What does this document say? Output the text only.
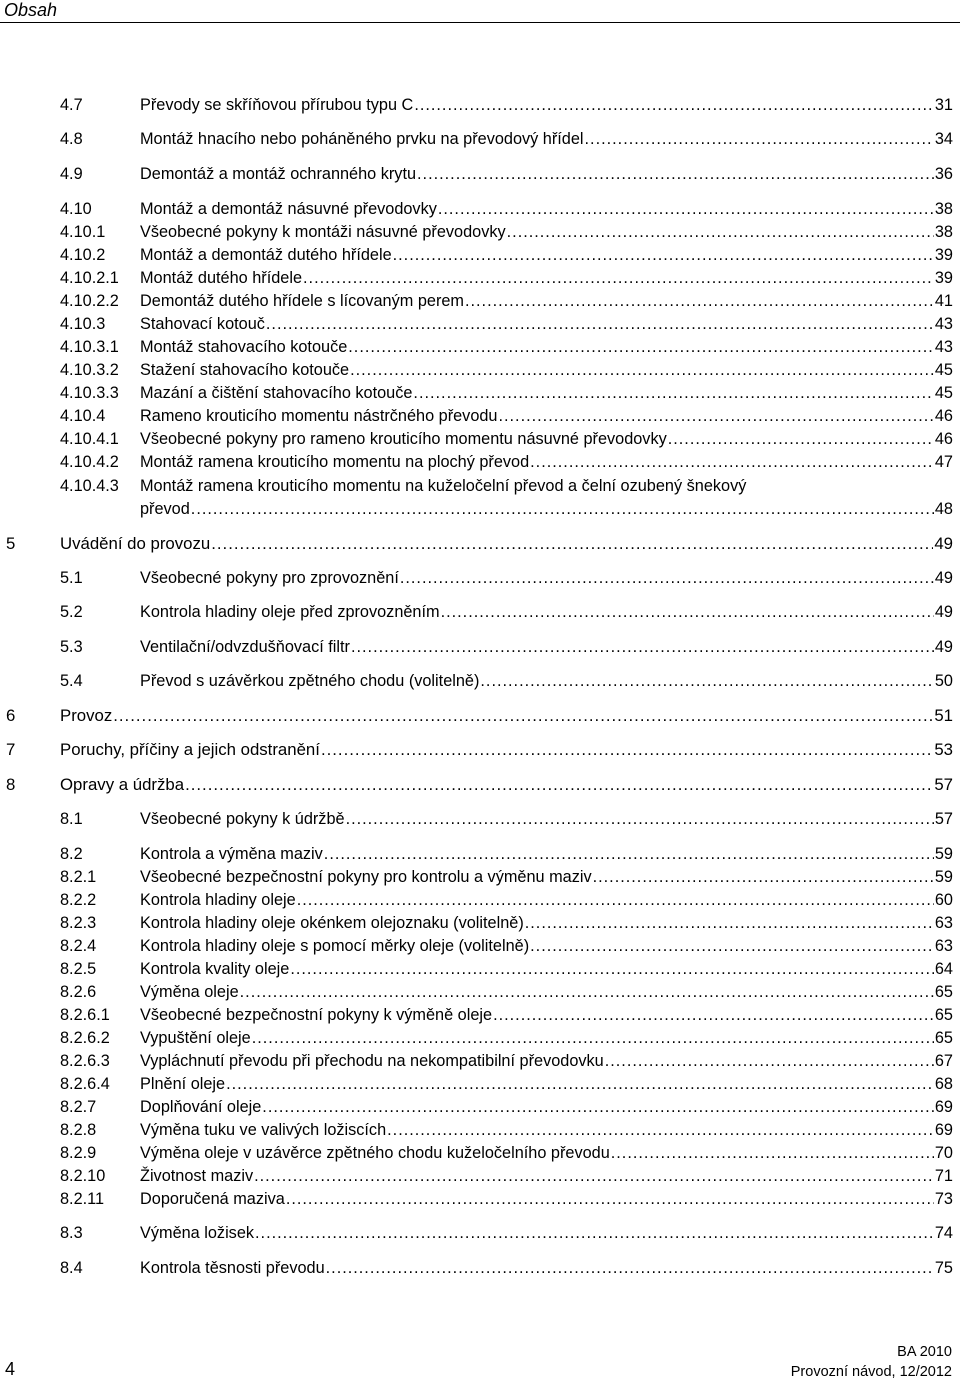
Obsah
4.7	Převody se skříňovou přírubou typu C .....	31
4.8	Montáž hnacího nebo poháněného prvku na převodový hřídel .....	34
4.9	Demontáž a montáž ochranného krytu .....	36
4.10	Montáž a demontáž násuvné převodovky .....	38
4.10.1 Všeobecné pokyny k montáži násuvné převodovky .....	38
4.10.2 Montáž a demontáž dutého hřídele .....	39
4.10.2.1 Montáž dutého hřídele .....	39
4.10.2.2 Demontáž dutého hřídele s lícovaným perem .....	41
4.10.3 Stahovací kotouč .....	43
4.10.3.1 Montáž stahovacího kotouče .....	43
4.10.3.2 Stažení stahovacího kotouče .....	45
4.10.3.3 Mazání a čištění stahovacího kotouče .....	45
4.10.4 Rameno krouticího momentu nástrčného převodu .....	46
4.10.4.1 Všeobecné pokyny pro rameno krouticího momentu násuvné převodovky .....	46
4.10.4.2 Montáž ramena krouticího momentu na plochý převod .....	47
4.10.4.3 Montáž ramena krouticího momentu na kuželočelní převod a čelní ozubený šnekový
převod .....	48
5	Uvádění do provozu .....	49
5.1	Všeobecné pokyny pro zprovoznění .....	49
5.2	Kontrola hladiny oleje před zprovozněním .....	49
5.3	Ventilační/odvzdušňovací filtr .....	49
5.4	Převod s uzávěrkou zpětného chodu (volitelně) .....	50
6	Provoz .....	51
7	Poruchy, příčiny a jejich odstranění .....	53
8	Opravy a údržba .....	57
8.1	Všeobecné pokyny k údržbě .....	57
8.2	Kontrola a výměna maziv .....	59
8.2.1	Všeobecné bezpečnostní pokyny pro kontrolu a výměnu maziv .....	59
8.2.2	Kontrola hladiny oleje .....	60
8.2.3	Kontrola hladiny oleje okénkem olejoznaku (volitelně) .....	63
8.2.4	Kontrola hladiny oleje s pomocí měrky oleje (volitelně) .....	63
8.2.5	Kontrola kvality oleje .....	64
8.2.6	Výměna oleje .....	65
8.2.6.1 Všeobecné bezpečnostní pokyny k výměně oleje .....	65
8.2.6.2 Vypuštění oleje .....	65
8.2.6.3 Vypláchnutí převodu při přechodu na nekompatibilní převodovku .....	67
8.2.6.4 Plnění oleje .....	68
8.2.7	Doplňování oleje .....	69
8.2.8	Výměna tuku ve valivých ložiscích .....	69
8.2.9	Výměna oleje v uzávěrce zpětného chodu kuželočelního převodu .....	70
8.2.10 Životnost maziv .....	71
8.2.11 Doporučená maziva .....	73
8.3	Výměna ložisek .....	74
8.4	Kontrola těsnosti převodu .....	75
4
BA 2010
Provozní návod, 12/2012
